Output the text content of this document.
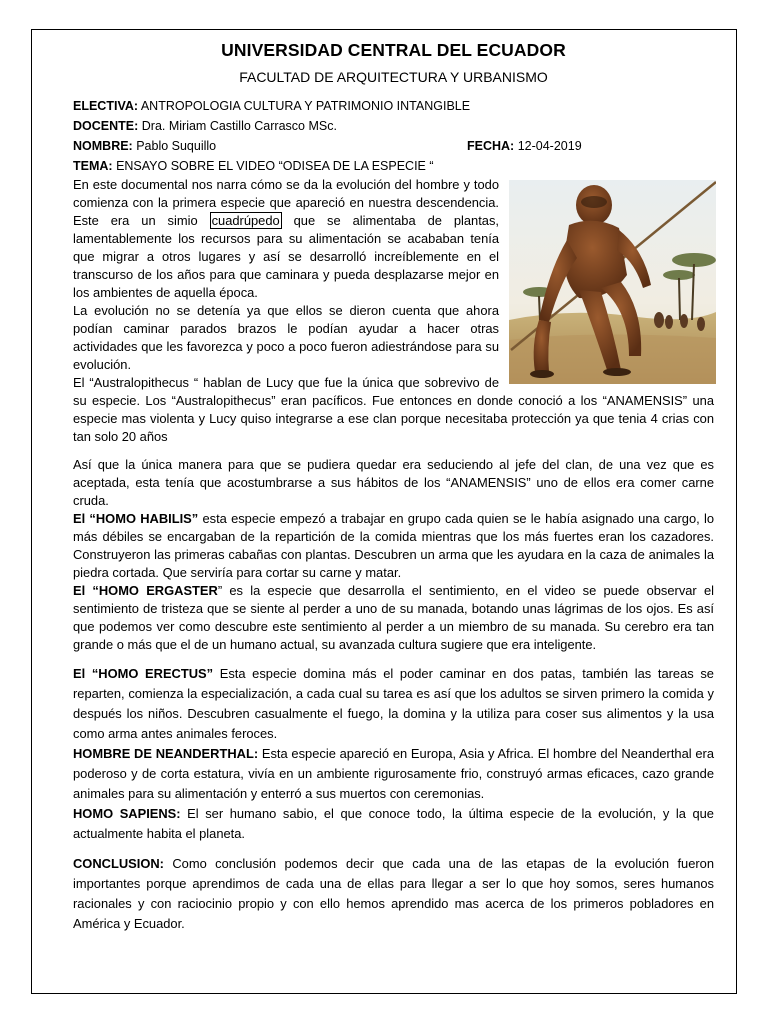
UNIVERSIDAD CENTRAL DEL ECUADOR
FACULTAD DE ARQUITECTURA Y URBANISMO
ELECTIVA: ANTROPOLOGIA CULTURA Y PATRIMONIO INTANGIBLE
DOCENTE: Dra. Miriam Castillo Carrasco MSc.
NOMBRE: Pablo Suquillo	FECHA: 12-04-2019
TEMA: ENSAYO SOBRE EL VIDEO “ODISEA DE LA ESPECIE “

En este documental nos narra cómo se da la evolución del hombre y todo comienza con la primera especie que apareció en nuestra descendencia. Este era un simio cuadrúpedo que se alimentaba de plantas, lamentablemente los recursos para su alimentación se acababan tenía que migrar a otros lugares y así se desarrolló increíblemente en el transcurso de los años para que caminara y pueda desplazarse mejor en los ambientes de aquella época.

La evolución no se detenía ya que ellos se dieron cuenta que ahora podían caminar parados brazos le podían ayudar a hacer otras actividades que les favorezca y poco a poco fueron adiestrándose para su evolución.

El “Australopithecus “ hablan de Lucy que fue la única que sobrevivo de su especie. Los “Australopithecus” eran pacíficos. Fue entonces en donde conoció a los “ANAMENSIS” una especie mas violenta y Lucy quiso integrarse a ese clan porque necesitaba protección ya que tenia 4 crias con tan solo 20 años

Así que la única manera para que se pudiera quedar era seduciendo al jefe del clan, de una vez que es aceptada, esta tenía que acostumbrarse a sus hábitos de los “ANAMENSIS” uno de ellos era comer carne cruda.

El “HOMO HABILIS” esta especie empezó a trabajar en grupo cada quien se le había asignado una cargo, lo más débiles se encargaban de la repartición de la comida mientras que los más fuertes eran los cazadores. Construyeron las primeras cabañas con plantas. Descubren un arma que les ayudara en la caza de animales la piedra cortada. Que serviría para cortar su carne y matar.

El “HOMO ERGASTER” es la especie que desarrolla el sentimiento, en el video se puede observar el sentimiento de tristeza que se siente al perder a uno de su manada, botando unas lágrimas de los ojos. Es así que podemos ver como descubre este sentimiento al perder a un miembro de su manada. Su cerebro era tan grande o más que el de un humano actual, su avanzada cultura sugiere que era inteligente.

El “HOMO ERECTUS” Esta especie domina más el poder caminar en dos patas, también las tareas se reparten, comienza la especialización, a cada cual su tarea es así que los adultos se sirven primero la comida y después los niños. Descubren casualmente el fuego, la domina y la utiliza para coser sus alimentos y la usa como arma antes animales feroces.

HOMBRE DE NEANDERTHAL: Esta especie apareció en Europa, Asia y Africa. El hombre del Neanderthal era poderoso y de corta estatura, vivía en un ambiente rigurosamente frio, construyó armas eficaces, cazo grande animales para su alimentación y enterró a sus muertos con ceremonias.

HOMO SAPIENS: El ser humano sabio, el que conoce todo, la última especie de la evolución, y la que actualmente habita el planeta.

CONCLUSION: Como conclusión podemos decir que cada una de las etapas de la evolución fueron importantes porque aprendimos de cada una de ellas para llegar a ser lo que hoy somos, seres humanos racionales y con raciocinio propio y con ello hemos aprendido mas acerca de los primeros pobladores en América y Ecuador.
